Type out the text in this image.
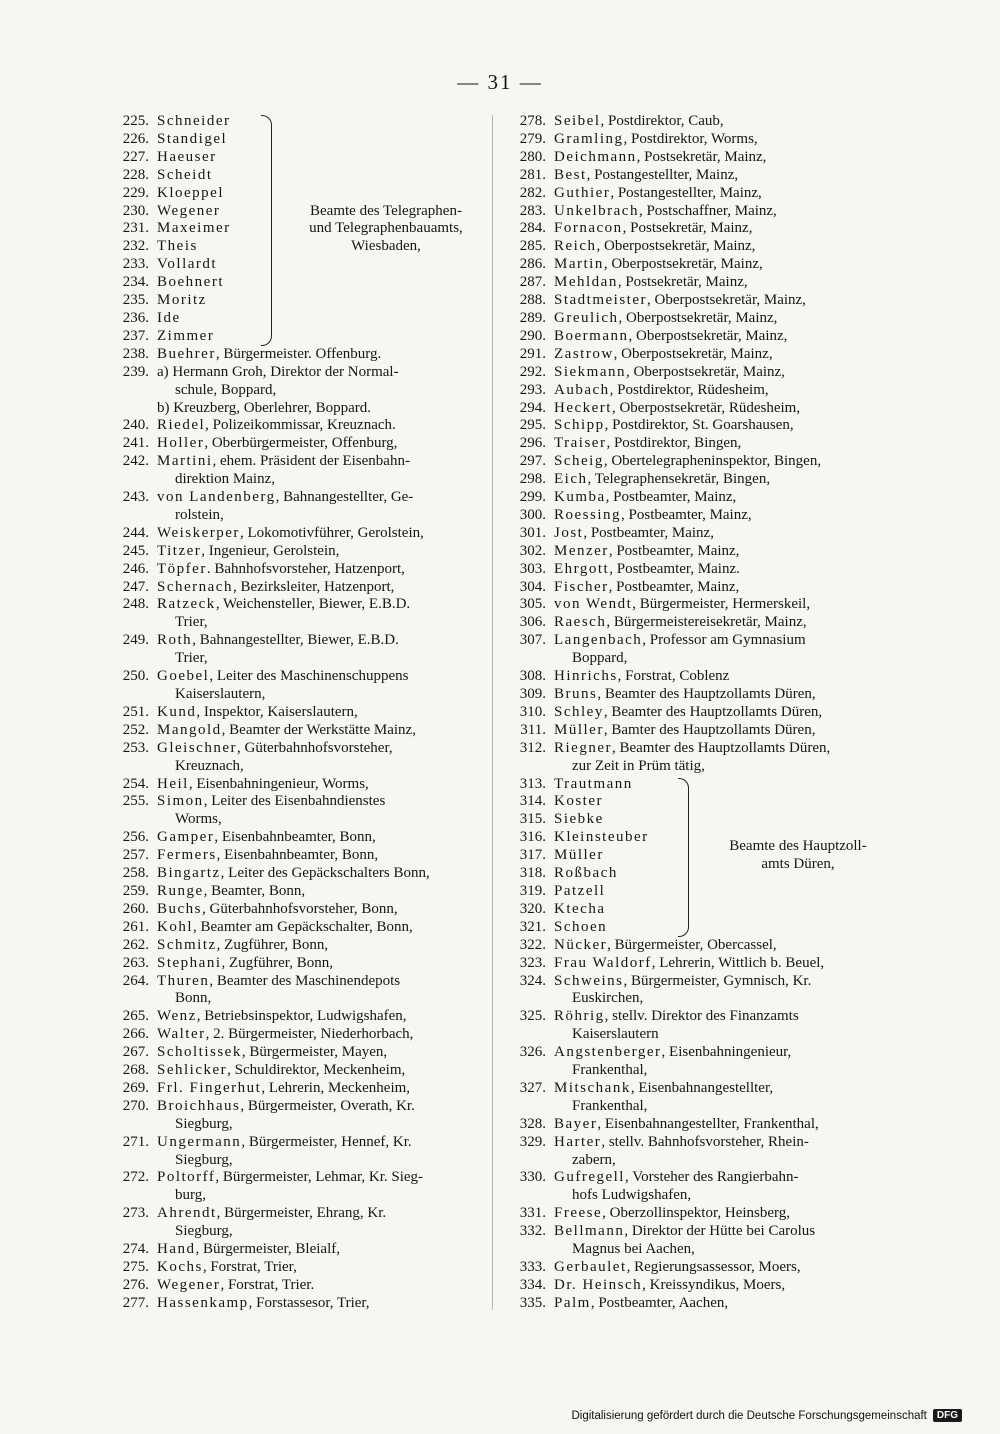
— 31 —
225. Schneider
226. Standigel
227. Haeuser
228. Scheidt
229. Kloeppel
230. Wegener
231. Maxeimer
232. Theis
233. Vollardt
234. Boehnert
235. Moritz
236. Ide
237. Zimmer
Beamte des Telegraphen-
und Telegraphenbauamts,
Wiesbaden,
238. Buehrer, Bürgermeister. Offenburg.
239. a) Hermann Groh, Direktor der Normal-
schule, Boppard,
b) Kreuzberg, Oberlehrer, Boppard.
240. Riedel, Polizeikommissar, Kreuznach.
241. Holler, Oberbürgermeister, Offenburg,
242. Martini, ehem. Präsident der Eisenbahn-
direktion Mainz,
243. von Landenberg, Bahnangestellter, Ge-
rolstein,
244. Weiskerper, Lokomotivführer, Gerolstein,
245. Titzer, Ingenieur, Gerolstein,
246. Töpfer. Bahnhofsvorsteher, Hatzenport,
247. Schernach, Bezirksleiter, Hatzenport,
248. Ratzeck, Weichensteller, Biewer, E.B.D.
Trier,
249. Roth, Bahnangestellter, Biewer, E.B.D.
Trier,
250. Goebel, Leiter des Maschinenschuppens
Kaiserslautern,
251. Kund, Inspektor, Kaiserslautern,
252. Mangold, Beamter der Werkstätte Mainz,
253. Gleischner, Güterbahnhofsvorsteher,
Kreuznach,
254. Heil, Eisenbahningenieur, Worms,
255. Simon, Leiter des Eisenbahndienstes
Worms,
256. Gamper, Eisenbahnbeamter, Bonn,
257. Fermers, Eisenbahnbeamter, Bonn,
258. Bingartz, Leiter des Gepäckschalters Bonn,
259. Runge, Beamter, Bonn,
260. Buchs, Güterbahnhofsvorsteher, Bonn,
261. Kohl, Beamter am Gepäckschalter, Bonn,
262. Schmitz, Zugführer, Bonn,
263. Stephani, Zugführer, Bonn,
264. Thuren, Beamter des Maschinendepots
Bonn,
265. Wenz, Betriebsinspektor, Ludwigshafen,
266. Walter, 2. Bürgermeister, Niederhorbach,
267. Scholtissek, Bürgermeister, Mayen,
268. Sehlicker, Schuldirektor, Meckenheim,
269. Frl. Fingerhut, Lehrerin, Meckenheim,
270. Broichhaus, Bürgermeister, Overath, Kr.
Siegburg,
271. Ungermann, Bürgermeister, Hennef, Kr.
Siegburg,
272. Poltorff, Bürgermeister, Lehmar, Kr. Sieg-
burg,
273. Ahrendt, Bürgermeister, Ehrang, Kr.
Siegburg,
274. Hand, Bürgermeister, Bleialf,
275. Kochs, Forstrat, Trier,
276. Wegener, Forstrat, Trier.
277. Hassenkamp, Forstassesor, Trier,
278. Seibel, Postdirektor, Caub,
279. Gramling, Postdirektor, Worms,
280. Deichmann, Postsekretär, Mainz,
281. Best, Postangestellter, Mainz,
282. Guthier, Postangestellter, Mainz,
283. Unkelbrach, Postschaffner, Mainz,
284. Fornacon, Postsekretär, Mainz,
285. Reich, Oberpostsekretär, Mainz,
286. Martin, Oberpostsekretär, Mainz,
287. Mehldan, Postsekretär, Mainz,
288. Stadtmeister, Oberpostsekretär, Mainz,
289. Greulich, Oberpostsekretär, Mainz,
290. Boermann, Oberpostsekretär, Mainz,
291. Zastrow, Oberpostsekretär, Mainz,
292. Siekmann, Oberpostsekretär, Mainz,
293. Aubach, Postdirektor, Rüdesheim,
294. Heckert, Oberpostsekretär, Rüdesheim,
295. Schipp, Postdirektor, St. Goarshausen,
296. Traiser, Postdirektor, Bingen,
297. Scheig, Obertelegrapheninspektor, Bingen,
298. Eich, Telegraphensekretär, Bingen,
299. Kumba, Postbeamter, Mainz,
300. Roessing, Postbeamter, Mainz,
301. Jost, Postbeamter, Mainz,
302. Menzer, Postbeamter, Mainz,
303. Ehrgott, Postbeamter, Mainz.
304. Fischer, Postbeamter, Mainz,
305. von Wendt, Bürgermeister, Hermerskeil,
306. Raesch, Bürgermeistereisekretär, Mainz,
307. Langenbach, Professor am Gymnasium
Boppard,
308. Hinrichs, Forstrat, Coblenz
309. Bruns, Beamter des Hauptzollamts Düren,
310. Schley, Beamter des Hauptzollamts Düren,
311. Müller, Bamter des Hauptzollamts Düren,
312. Riegner, Beamter des Hauptzollamts Düren,
zur Zeit in Prüm tätig,
313. Trautmann
314. Koster
315. Siebke
316. Kleinsteuber
317. Müller
318. Roßbach
319. Patzell
320. Ktecha
321. Schoen
Beamte des Hauptzoll-
amts Düren,
322. Nücker, Bürgermeister, Obercassel,
323. Frau Waldorf, Lehrerin, Wittlich b. Beuel,
324. Schweins, Bürgermeister, Gymnisch, Kr.
Euskirchen,
325. Röhrig, stellv. Direktor des Finanzamts
Kaiserslautern
326. Angstenberger, Eisenbahningenieur,
Frankenthal,
327. Mitschank, Eisenbahnangestellter,
Frankenthal,
328. Bayer, Eisenbahnangestellter, Frankenthal,
329. Harter, stellv. Bahnhofsvorsteher, Rhein-
zabern,
330. Gufregell, Vorsteher des Rangierbahn-
hofs Ludwigshafen,
331. Freese, Oberzollinspektor, Heinsberg,
332. Bellmann, Direktor der Hütte bei Carolus
Magnus bei Aachen,
333. Gerbaulet, Regierungsassessor, Moers,
334. Dr. Heinsch, Kreissyndikus, Moers,
335. Palm, Postbeamter, Aachen,
Digitalisierung gefördert durch die Deutsche Forschungsgemeinschaft	DFG
